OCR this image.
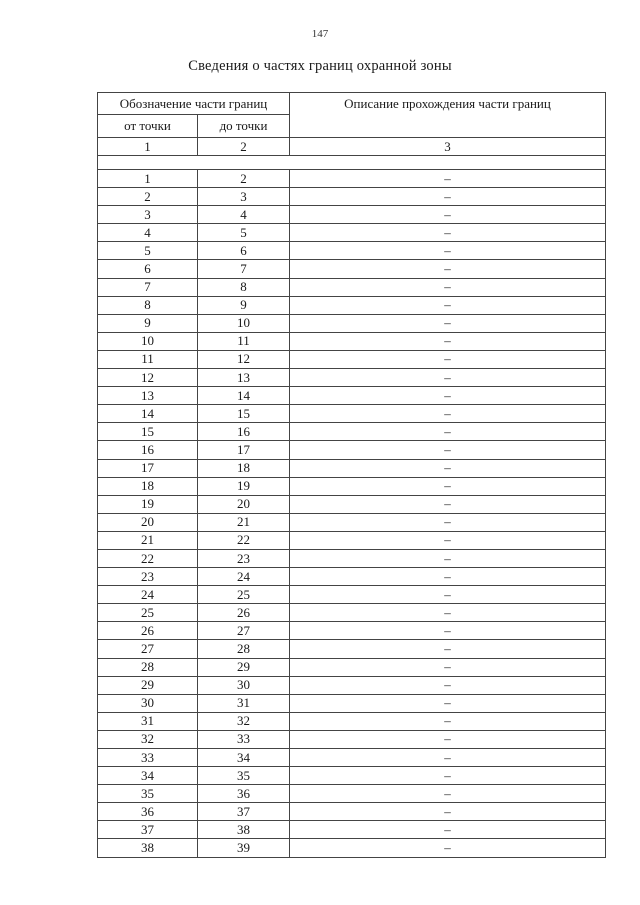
147
Сведения о частях границ охранной зоны
Обозначение части границ		Описание прохождения части границ
от точки	до точки	
1	2	3

1	2	–
2	3	–
3	4	–
4	5	–
5	6	–
6	7	–
7	8	–
8	9	–
9	10	–
10	11	–
11	12	–
12	13	–
13	14	–
14	15	–
15	16	–
16	17	–
17	18	–
18	19	–
19	20	–
20	21	–
21	22	–
22	23	–
23	24	–
24	25	–
25	26	–
26	27	–
27	28	–
28	29	–
29	30	–
30	31	–
31	32	–
32	33	–
33	34	–
34	35	–
35	36	–
36	37	–
37	38	–
38	39	–
